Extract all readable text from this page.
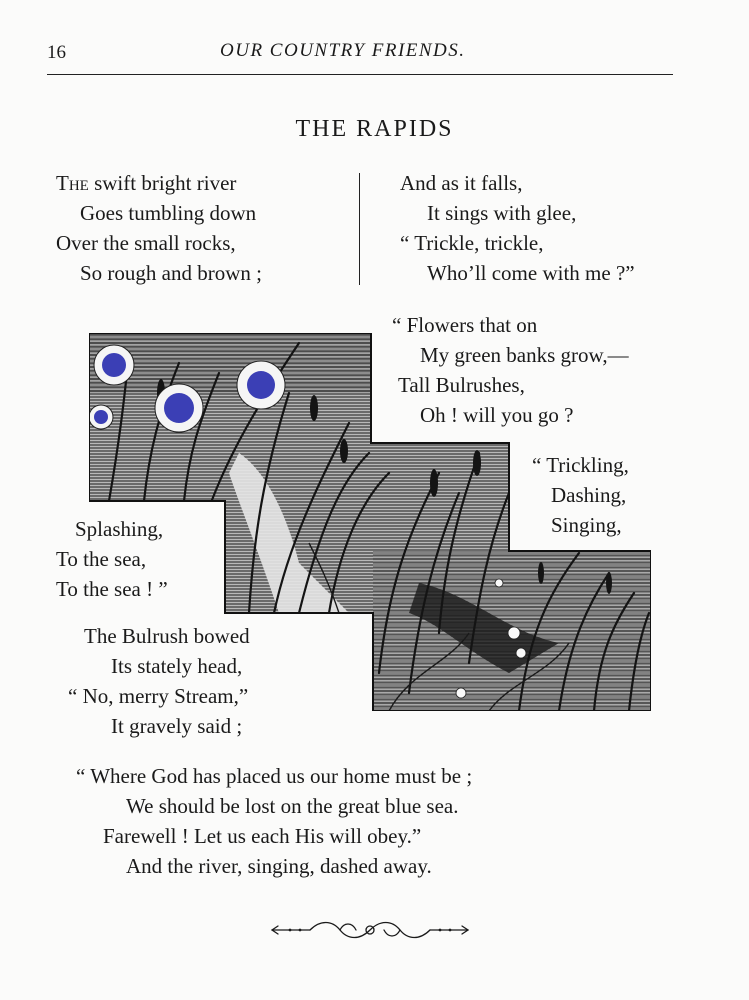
16	OUR COUNTRY FRIENDS.
THE RAPIDS
The swift bright river
Goes tumbling down
Over the small rocks,
So rough and brown ;
And as it falls,
It sings with glee,
“ Trickle, trickle,
Who’ll come with me ?”
“ Flowers that on
My green banks grow,—
Tall Bulrushes,
Oh ! will you go ?
“ Trickling,
Dashing,
Singing,
Splashing,
To the sea,
To the sea ! ”
The Bulrush bowed
Its stately head,
“ No, merry Stream,”
It gravely said ;
“ Where God has placed us our home must be ;
We should be lost on the great blue sea.
Farewell ! Let us each His will obey.”
And the river, singing, dashed away.
